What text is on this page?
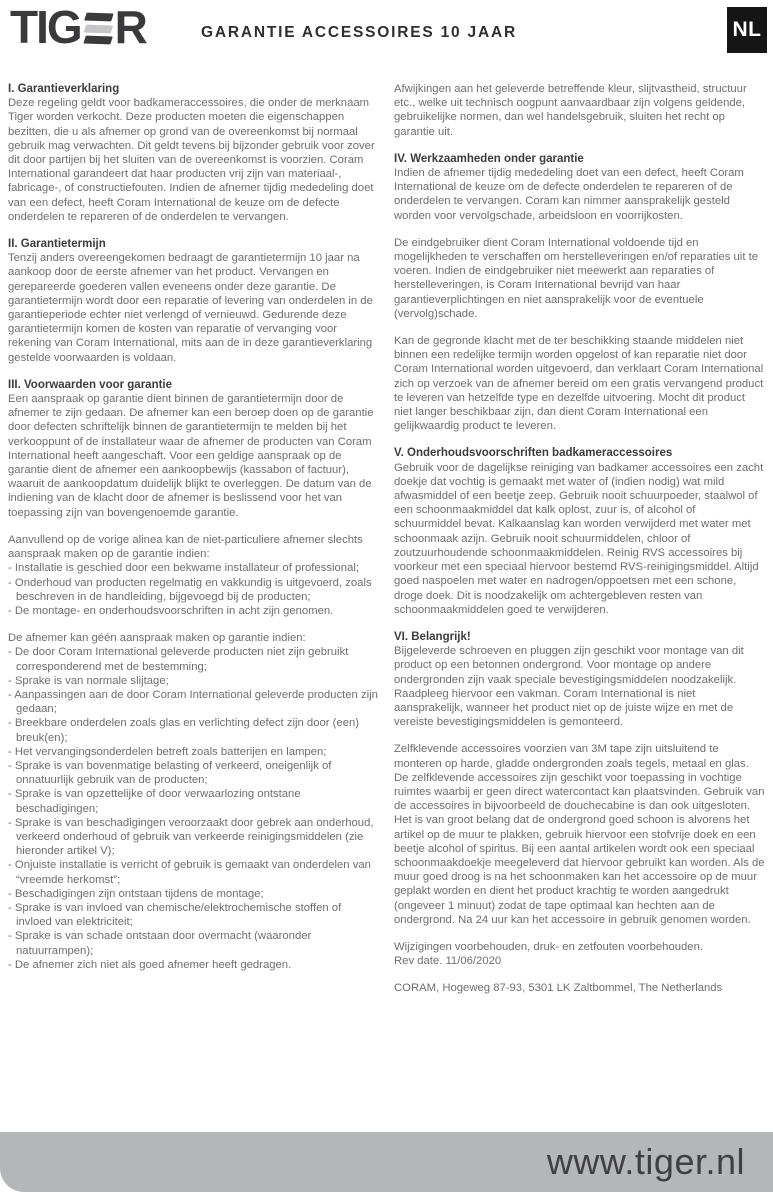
TIG R	GARANTIE ACCESSOIRES 10 JAAR	NL
I. Garantieverklaring

Deze regeling geldt voor badkameraccessoires, die onder de merknaam Tiger worden verkocht. Deze producten moeten die eigenschappen bezitten, die u als afnemer op grond van de overeenkomst bij normaal gebruik mag verwachten. Dit geldt tevens bij bijzonder gebruik voor zover dit door partijen bij het sluiten van de overeenkomst is voorzien. Coram International garandeert dat haar producten vrij zijn van materiaal-, fabricage-, of constructiefouten. Indien de afnemer tijdig mededeling doet van een defect, heeft Coram International de keuze om de defecte onderdelen te repareren of de onderdelen te vervangen.

II. Garantietermijn

Tenzij anders overeengekomen bedraagt de garantietermijn 10 jaar na aankoop door de eerste afnemer van het product. Vervangen en gerepareerde goederen vallen eveneens onder deze garantie. De garantietermijn wordt door een reparatie of levering van onderdelen in de garantieperiode echter niet verlengd of vernieuwd. Gedurende deze garantietermijn komen de kosten van reparatie of vervanging voor rekening van Coram International, mits aan de in deze garantieverklaring gestelde voorwaarden is voldaan.

III. Voorwaarden voor garantie

Een aanspraak op garantie dient binnen de garantietermijn door de afnemer te zijn gedaan. De afnemer kan een beroep doen op de garantie door defecten schriftelijk binnen de garantietermijn te melden bij het verkooppunt of de installateur waar de afnemer de producten van Coram International heeft aangeschaft. Voor een geldige aanspraak op de garantie dient de afnemer een aankoopbewijs (kassabon of factuur), waaruit de aankoopdatum duidelijk blijkt te overleggen. De datum van de indiening van de klacht door de afnemer is beslissend voor het van toepassing zijn van bovengenoemde garantie.

Aanvullend op de vorige alinea kan de niet-particuliere afnemer slechts aanspraak maken op de garantie indien:

- Installatie is geschied door een bekwame installateur of professional;
- Onderhoud van producten regelmatig en vakkundig is uitgevoerd, zoals beschreven in de handleiding, bijgevoegd bij de producten;
- De montage- en onderhoudsvoorschriften in acht zijn genomen.

De afnemer kan géén aanspraak maken op garantie indien:

- De door Coram International geleverde producten niet zijn gebruikt corresponderend met de bestemming;
- Sprake is van normale slijtage;
- Aanpassingen aan de door Coram International geleverde producten zijn gedaan;
- Breekbare onderdelen zoals glas en verlichting defect zijn door (een) breuk(en);
- Het vervangingsonderdelen betreft zoals batterijen en lampen;
- Sprake is van bovenmatige belasting of verkeerd, oneigenlijk of onnatuurlijk gebruik van de producten;
- Sprake is van opzettelijke of door verwaarlozing ontstane beschadigingen;
- Sprake is van beschadigingen veroorzaakt door gebrek aan onderhoud, verkeerd onderhoud of gebruik van verkeerde reinigingsmiddelen (zie hieronder artikel V);
- Onjuiste installatie is verricht of gebruik is gemaakt van onderdelen van “vreemde herkomst”;
- Beschadigingen zijn ontstaan tijdens de montage;
- Sprake is van invloed van chemische/elektrochemische stoffen of invloed van elektriciteit;
- Sprake is van schade ontstaan door overmacht (waaronder natuurrampen);
- De afnemer zich niet als goed afnemer heeft gedragen.

Afwijkingen aan het geleverde betreffende kleur, slijtvastheid, structuur etc., welke uit technisch oogpunt aanvaardbaar zijn volgens geldende, gebruikelijke normen, dan wel handelsgebruik, sluiten het recht op garantie uit.

IV. Werkzaamheden onder garantie

Indien de afnemer tijdig mededeling doet van een defect, heeft Coram International de keuze om de defecte onderdelen te repareren of de onderdelen te vervangen. Coram kan nimmer aansprakelijk gesteld worden voor vervolgschade, arbeidsloon en voorrijkosten.

De eindgebruiker dient Coram International voldoende tijd en mogelijkheden te verschaffen om herstelleveringen en/of reparaties uit te voeren. Indien de eindgebruiker niet meewerkt aan reparaties of herstelleveringen, is Coram International bevrijd van haar garantieverplichtingen en niet aansprakelijk voor de eventuele (vervolg)schade.

Kan de gegronde klacht met de ter beschikking staande middelen niet binnen een redelijke termijn worden opgelost of kan reparatie niet door Coram International worden uitgevoerd, dan verklaart Coram International zich op verzoek van de afnemer bereid om een gratis vervangend product te leveren van hetzelfde type en dezelfde uitvoering. Mocht dit product niet langer beschikbaar zijn, dan dient Coram International een gelijkwaardig product te leveren.

V. Onderhoudsvoorschriften badkameraccessoires

Gebruik voor de dagelijkse reiniging van badkamer accessoires een zacht doekje dat vochtig is gemaakt met water of (indien nodig) wat mild afwasmiddel of een beetje zeep. Gebruik nooit schuurpoeder, staalwol of een schoonmaakmiddel dat kalk oplost, zuur is, of alcohol of schuurmiddel bevat. Kalkaanslag kan worden verwijderd met water met schoonmaak azijn. Gebruik nooit schuurmiddelen, chloor of zoutzuurhoudende schoonmaakmiddelen. Reinig RVS accessoires bij voorkeur met een speciaal hiervoor bestemd RVS-reinigingsmiddel. Altijd goed naspoelen met water en nadrogen/oppoetsen met een schone, droge doek. Dit is noodzakelijk om achtergebleven resten van schoonmaakmiddelen goed te verwijderen.

VI. Belangrijk!

Bijgeleverde schroeven en pluggen zijn geschikt voor montage van dit product op een betonnen ondergrond. Voor montage op andere ondergronden zijn vaak speciale bevestigingsmiddelen noodzakelijk. Raadpleeg hiervoor een vakman. Coram International is niet aansprakelijk, wanneer het product niet op de juiste wijze en met de vereiste bevestigingsmiddelen is gemonteerd.

Zelfklevende accessoires voorzien van 3M tape zijn uitsluitend te monteren op harde, gladde ondergronden zoals tegels, metaal en glas. De zelfklevende accessoires zijn geschikt voor toepassing in vochtige ruimtes waarbij er geen direct watercontact kan plaatsvinden. Gebruik van de accessoires in bijvoorbeeld de douchecabine is dan ook uitgesloten. Het is van groot belang dat de ondergrond goed schoon is alvorens het artikel op de muur te plakken, gebruik hiervoor een stofvrije doek en een beetje alcohol of spiritus. Bij een aantal artikelen wordt ook een speciaal schoonmaakdoekje meegeleverd dat hiervoor gebruikt kan worden. Als de muur goed droog is na het schoonmaken kan het accessoire op de muur geplakt worden en dient het product krachtig te worden aangedrukt (ongeveer 1 minuut) zodat de tape optimaal kan hechten aan de ondergrond. Na 24 uur kan het accessoire in gebruik genomen worden.

Wijzigingen voorbehouden, druk- en zetfouten voorbehouden.

Rev date. 11/06/2020

CORAM, Hogeweg 87-93, 5301 LK Zaltbommel, The Netherlands

www.tiger.nl
